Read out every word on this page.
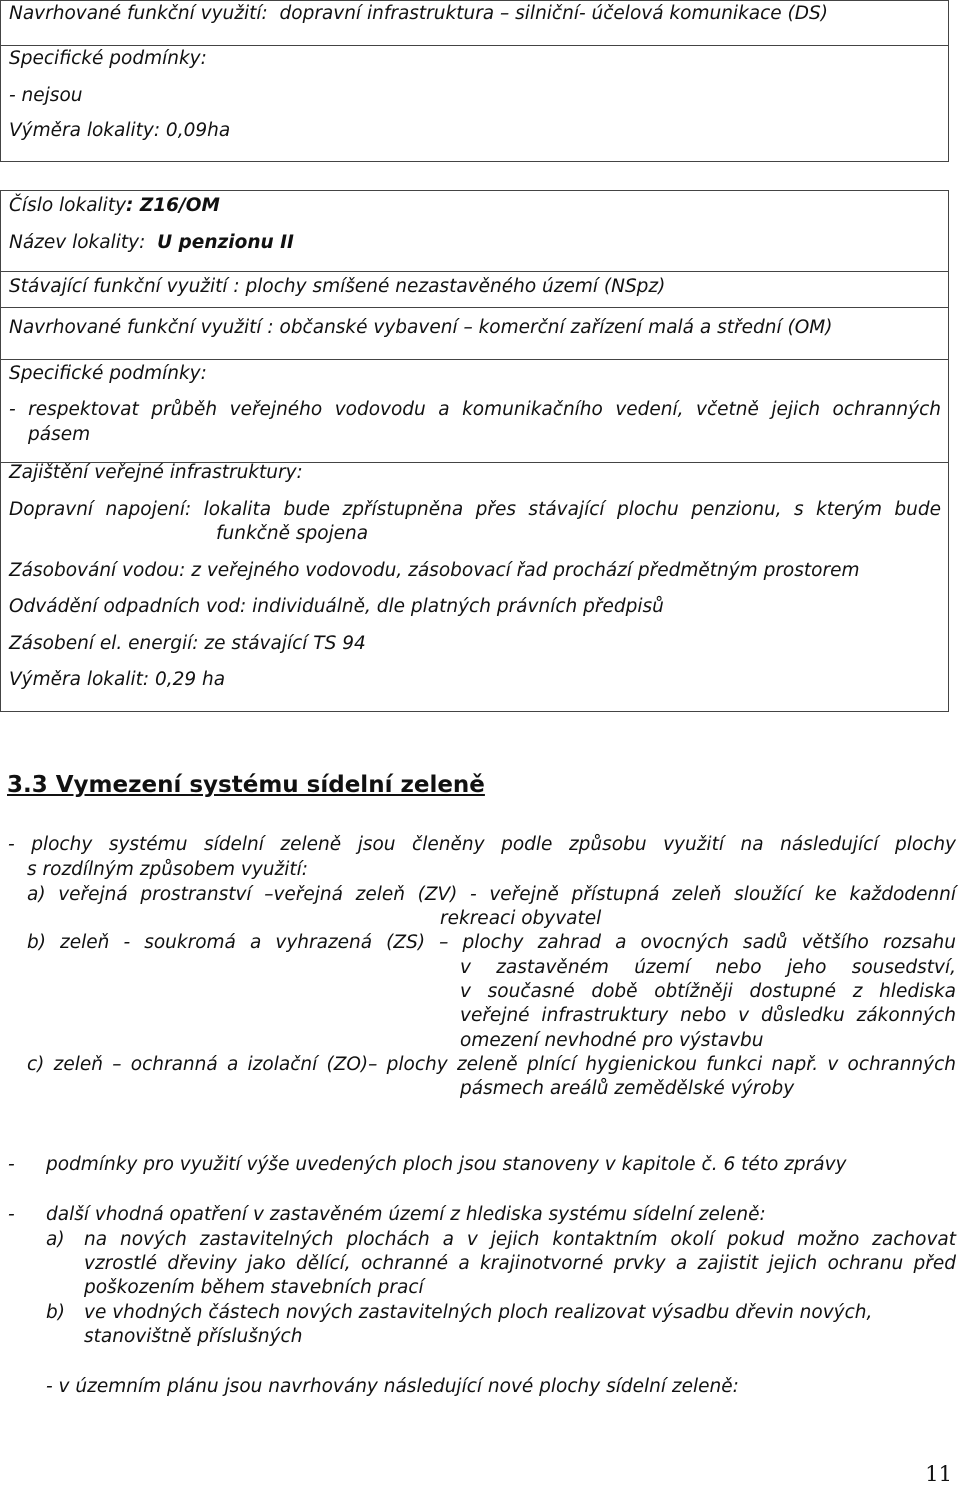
Navrhované funkční využití: dopravní infrastruktura – silniční- účelová komunikace (DS)
Specifické podmínky:
- nejsou
Výměra lokality: 0,09ha
Číslo lokality: Z16/OM
Název lokality: U penzionu II
Stávající funkční využití : plochy smíšené nezastavěného území (NSpz)
Navrhované funkční využití : občanské vybavení – komerční zařízení malá a střední (OM)
Specifické podmínky:
- respektovat průběh veřejného vodovodu a komunikačního vedení, včetně jejich ochranných
pásem
Zajištění veřejné infrastruktury:
Dopravní napojení: lokalita bude zpřístupněna přes stávající plochu penzionu, s kterým bude
funkčně spojena
Zásobování vodou: z veřejného vodovodu, zásobovací řad prochází předmětným prostorem
Odvádění odpadních vod: individuálně, dle platných právních předpisů
Zásobení el. energií: ze stávající TS 94
Výměra lokalit: 0,29 ha
3.3 Vymezení systému sídelní zeleně
- plochy systému sídelní zeleně jsou členěny podle způsobu využití na následující plochy
s rozdílným způsobem využití:
a) veřejná prostranství –veřejná zeleň (ZV) - veřejně přístupná zeleň sloužící ke každodenní
rekreaci obyvatel
b) zeleň - soukromá a vyhrazená (ZS) – plochy zahrad a ovocných sadů většího rozsahu
v zastavěném území nebo jeho sousedství,
v současné době obtížněji dostupné z hlediska
veřejné infrastruktury nebo v důsledku zákonných
omezení nevhodné pro výstavbu
c) zeleň – ochranná a izolační (ZO)– plochy zeleně plnící hygienickou funkci např. v ochranných
pásmech areálů zemědělské výroby
- podmínky pro využití výše uvedených ploch jsou stanoveny v kapitole č. 6 této zprávy
- další vhodná opatření v zastavěném území z hlediska systému sídelní zeleně:
a) na nových zastavitelných plochách a v jejich kontaktním okolí pokud možno zachovat
vzrostlé dřeviny jako dělící, ochranné a krajinotvorné prvky a zajistit jejich ochranu před
poškozením během stavebních prací
b) ve vhodných částech nových zastavitelných ploch realizovat výsadbu dřevin nových,
stanovištně příslušných
- v územním plánu jsou navrhovány následující nové plochy sídelní zeleně:
11
